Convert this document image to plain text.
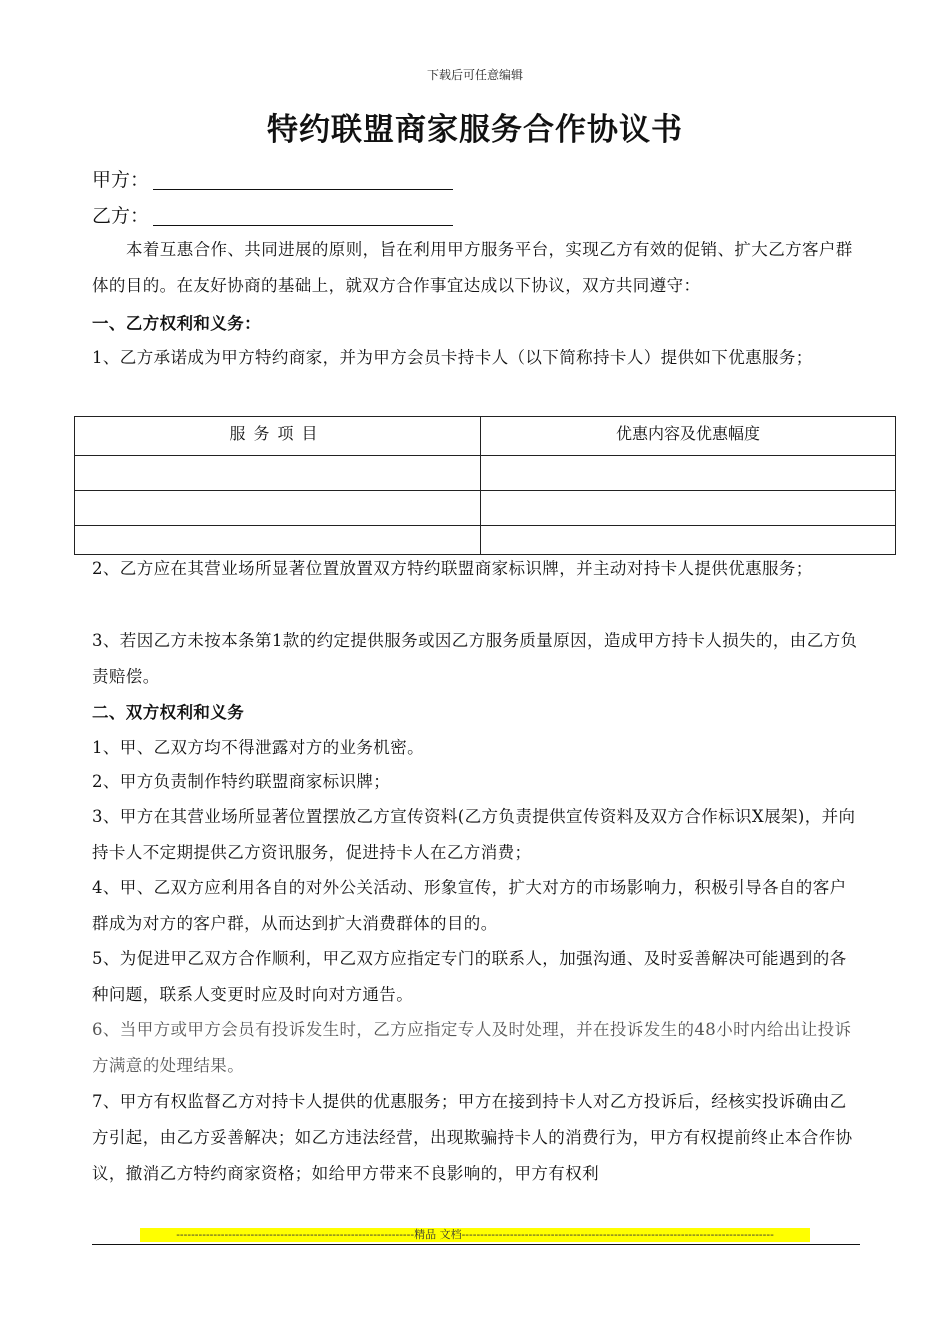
下载后可任意编辑
特约联盟商家服务合作协议书
甲方：
乙方：
本着互惠合作、共同进展的原则，旨在利用甲方服务平台，实现乙方有效的促销、扩大乙方客户群体的目的。在友好协商的基础上，就双方合作事宜达成以下协议，双方共同遵守：
一、乙方权利和义务：
1、乙方承诺成为甲方特约商家，并为甲方会员卡持卡人（以下简称持卡人）提供如下优惠服务；
服务项目	优惠内容及优惠幅度

2、乙方应在其营业场所显著位置放置双方特约联盟商家标识牌，并主动对持卡人提供优惠服务；
3、若因乙方未按本条第1款的约定提供服务或因乙方服务质量原因，造成甲方持卡人损失的，由乙方负责赔偿。
二、双方权利和义务
1、甲、乙双方均不得泄露对方的业务机密。
2、甲方负责制作特约联盟商家标识牌；
3、甲方在其营业场所显著位置摆放乙方宣传资料(乙方负责提供宣传资料及双方合作标识X展架)，并向持卡人不定期提供乙方资讯服务，促进持卡人在乙方消费；
4、甲、乙双方应利用各自的对外公关活动、形象宣传，扩大对方的市场影响力，积极引导各自的客户群成为对方的客户群，从而达到扩大消费群体的目的。
5、为促进甲乙双方合作顺利，甲乙双方应指定专门的联系人，加强沟通、及时妥善解决可能遇到的各种问题，联系人变更时应及时向对方通告。
6、当甲方或甲方会员有投诉发生时，乙方应指定专人及时处理，并在投诉发生的48小时内给出让投诉方满意的处理结果。
7、甲方有权监督乙方对持卡人提供的优惠服务；甲方在接到持卡人对乙方投诉后，经核实投诉确由乙方引起，由乙方妥善解决；如乙方违法经营，出现欺骗持卡人的消费行为，甲方有权提前终止本合作协议，撤消乙方特约商家资格；如给甲方带来不良影响的，甲方有权利
----------------------------------------------------------------精品 文档------------------------------------------------------------------------------------
